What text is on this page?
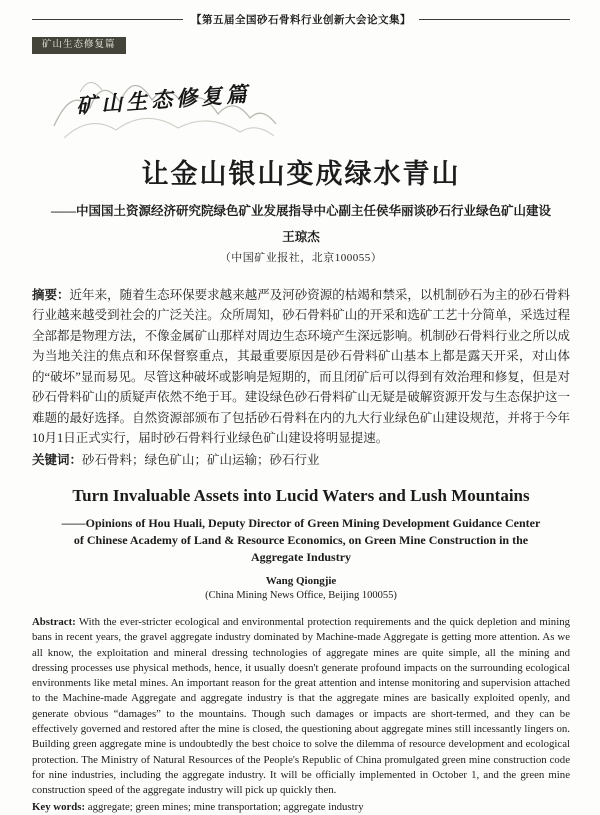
【第五届全国砂石骨料行业创新大会论文集】
矿山生态修复篇
矿山生态修复篇
让金山银山变成绿水青山
——中国国土资源经济研究院绿色矿业发展指导中心副主任侯华丽谈砂石行业绿色矿山建设
王琼杰
（中国矿业报社，北京100055）
摘要：近年来，随着生态环保要求越来越严及河砂资源的枯竭和禁采，以机制砂石为主的砂石骨料行业越来越受到社会的广泛关注。众所周知，砂石骨料矿山的开采和选矿工艺十分简单，采选过程全部都是物理方法，不像金属矿山那样对周边生态环境产生深远影响。机制砂石骨料行业之所以成为当地关注的焦点和环保督察重点，其最重要原因是砂石骨料矿山基本上都是露天开采，对山体的“破坏”显而易见。尽管这种破坏或影响是短期的，而且闭矿后可以得到有效治理和修复，但是对砂石骨料矿山的质疑声依然不绝于耳。建设绿色砂石骨料矿山无疑是破解资源开发与生态保护这一难题的最好选择。自然资源部颁布了包括砂石骨料在内的九大行业绿色矿山建设规范，并将于今年10月1日正式实行，届时砂石骨料行业绿色矿山建设将明显提速。
关键词：砂石骨料；绿色矿山；矿山运输；砂石行业
Turn Invaluable Assets into Lucid Waters and Lush Mountains
——Opinions of Hou Huali, Deputy Director of Green Mining Development Guidance Center of Chinese Academy of Land & Resource Economics, on Green Mine Construction in the Aggregate Industry
Wang Qiongjie
(China Mining News Office, Beijing 100055)
Abstract: With the ever-stricter ecological and environmental protection requirements and the quick depletion and mining bans in recent years, the gravel aggregate industry dominated by Machine-made Aggregate is getting more attention. As we all know, the exploitation and mineral dressing technologies of aggregate mines are quite simple, all the mining and dressing processes use physical methods, hence, it usually doesn't generate profound impacts on the surrounding ecological environments like metal mines. An important reason for the great attention and intense monitoring and supervision attached to the Machine-made Aggregate and aggregate industry is that the aggregate mines are basically exploited openly, and generate obvious “damages” to the mountains. Though such damages or impacts are short-termed, and they can be effectively governed and restored after the mine is closed, the questioning about aggregate mines still incessantly lingers on. Building green aggregate mine is undoubtedly the best choice to solve the dilemma of resource development and ecological protection. The Ministry of Natural Resources of the People's Republic of China promulgated green mine construction code for nine industries, including the aggregate industry. It will be officially implemented in October 1, and the green mine construction speed of the aggregate industry will pick up quickly then.
Key words: aggregate; green mines; mine transportation; aggregate industry
